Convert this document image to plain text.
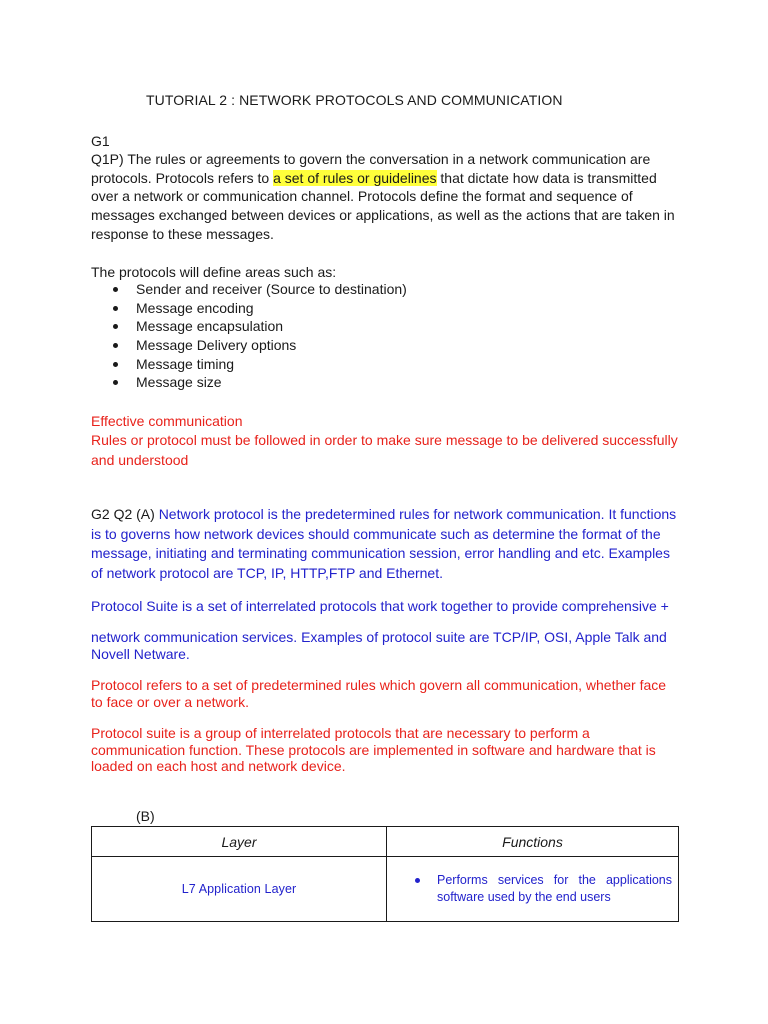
TUTORIAL 2 : NETWORK PROTOCOLS AND COMMUNICATION
G1
Q1P) The rules or agreements to govern the conversation in a network communication are protocols. Protocols refers to a set of rules or guidelines that dictate how data is transmitted over a network or communication channel. Protocols define the format and sequence of messages exchanged between devices or applications, as well as the actions that are taken in response to these messages.
The protocols will define areas such as:
Sender and receiver (Source to destination)
Message encoding
Message encapsulation
Message Delivery options
Message timing
Message size
Effective communication
Rules or protocol must be followed in order to make sure message to be delivered successfully and understood
G2 Q2 (A) Network protocol is the predetermined rules for network communication. It functions is to governs how network devices should communicate such as determine the format of the message, initiating and terminating communication session, error handling and etc. Examples of network protocol are TCP, IP, HTTP,FTP and Ethernet.
Protocol Suite is a set of interrelated protocols that work together to provide comprehensive +
network communication services. Examples of protocol suite are TCP/IP, OSI, Apple Talk and Novell Netware.
Protocol refers to a set of predetermined rules which govern all communication, whether face to face or over a network.
Protocol suite is a group of interrelated protocols that are necessary to perform a communication function. These protocols are implemented in software and hardware that is loaded on each host and network device.
(B)
Layer	Functions
L7 Application Layer	Performs services for the applications software used by the end users
